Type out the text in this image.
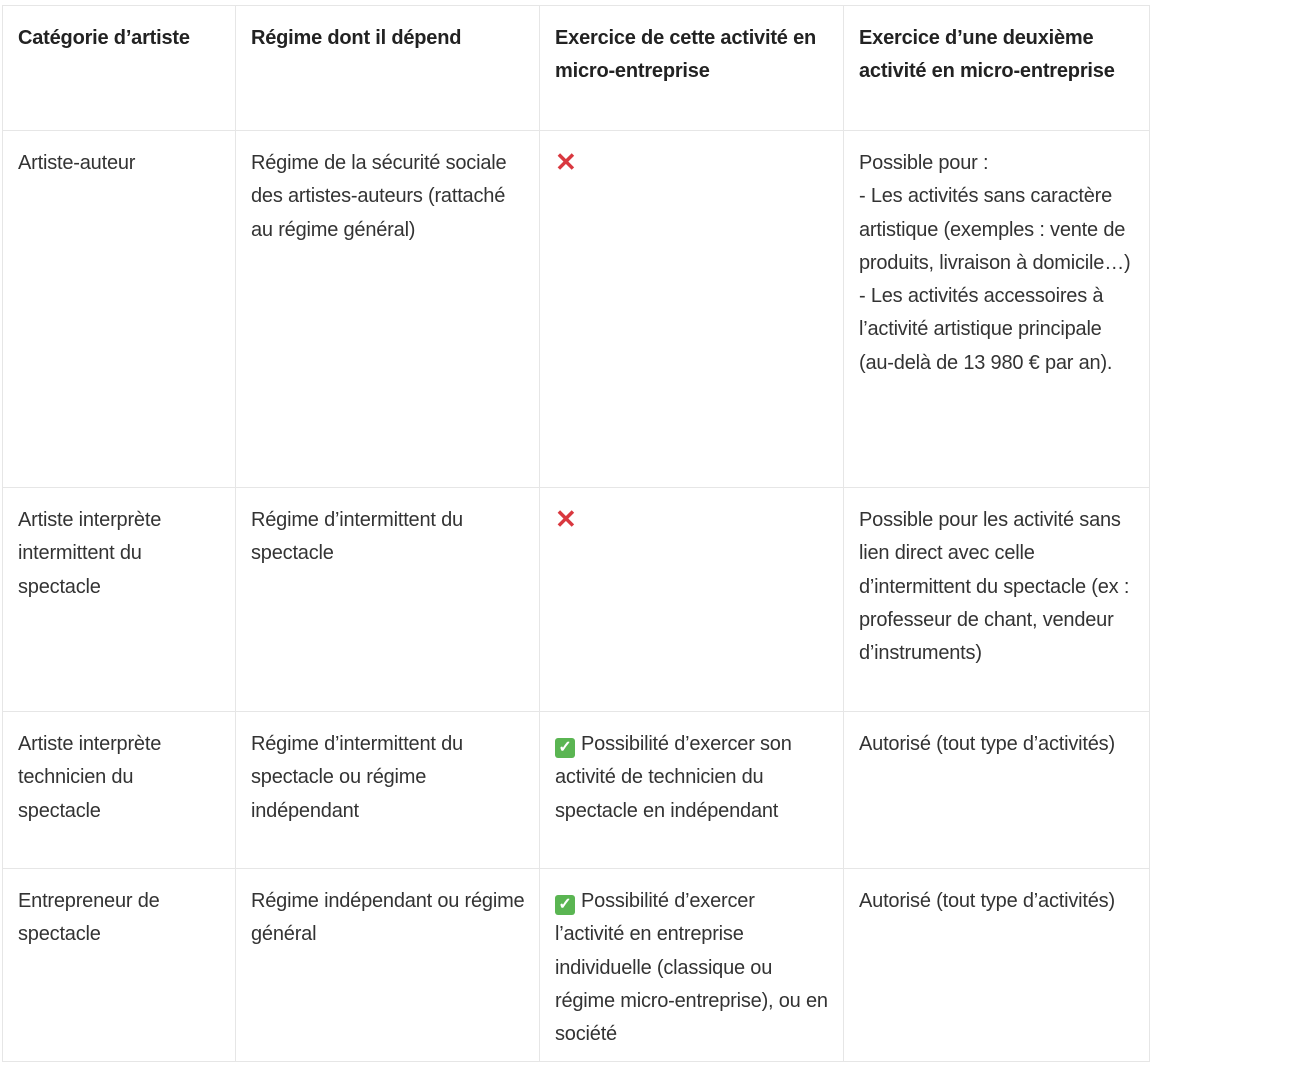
Catégorie d’artiste	Régime dont il dépend	Exercice de cette activité en micro-entreprise	Exercice d’une deuxième activité en micro-entreprise
Artiste-auteur	Régime de la sécurité sociale des artistes-auteurs (rattaché au régime général)	✕	Possible pour :
- Les activités sans caractère artistique (exemples : vente de produits, livraison à domicile…)
- Les activités accessoires à l’activité artistique principale (au-delà de 13 980 € par an).
Artiste interprète intermittent du spectacle	Régime d’intermittent du spectacle	✕	Possible pour les activité sans lien direct avec celle d’intermittent du spectacle (ex : professeur de chant, vendeur d’instruments)
Artiste interprète technicien du spectacle	Régime d’intermittent du spectacle ou régime indépendant	✓ Possibilité d’exercer son activité de technicien du spectacle en indépendant	Autorisé (tout type d’activités)
Entrepreneur de spectacle	Régime indépendant ou régime général	✓ Possibilité d’exercer l’activité en entreprise individuelle (classique ou régime micro-entreprise), ou en société	Autorisé (tout type d’activités)
